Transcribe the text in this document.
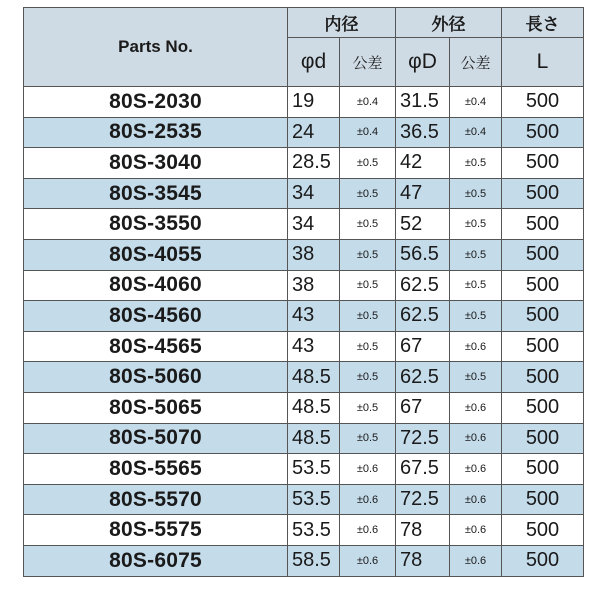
Parts No.	内径		外径		長さ
	φd	公差	φD	公差	L
80S-2030	19	±0.4	31.5	±0.4	500
80S-2535	24	±0.4	36.5	±0.4	500
80S-3040	28.5	±0.5	42	±0.5	500
80S-3545	34	±0.5	47	±0.5	500
80S-3550	34	±0.5	52	±0.5	500
80S-4055	38	±0.5	56.5	±0.5	500
80S-4060	38	±0.5	62.5	±0.5	500
80S-4560	43	±0.5	62.5	±0.5	500
80S-4565	43	±0.5	67	±0.6	500
80S-5060	48.5	±0.5	62.5	±0.5	500
80S-5065	48.5	±0.5	67	±0.6	500
80S-5070	48.5	±0.5	72.5	±0.6	500
80S-5565	53.5	±0.6	67.5	±0.6	500
80S-5570	53.5	±0.6	72.5	±0.6	500
80S-5575	53.5	±0.6	78	±0.6	500
80S-6075	58.5	±0.6	78	±0.6	500
